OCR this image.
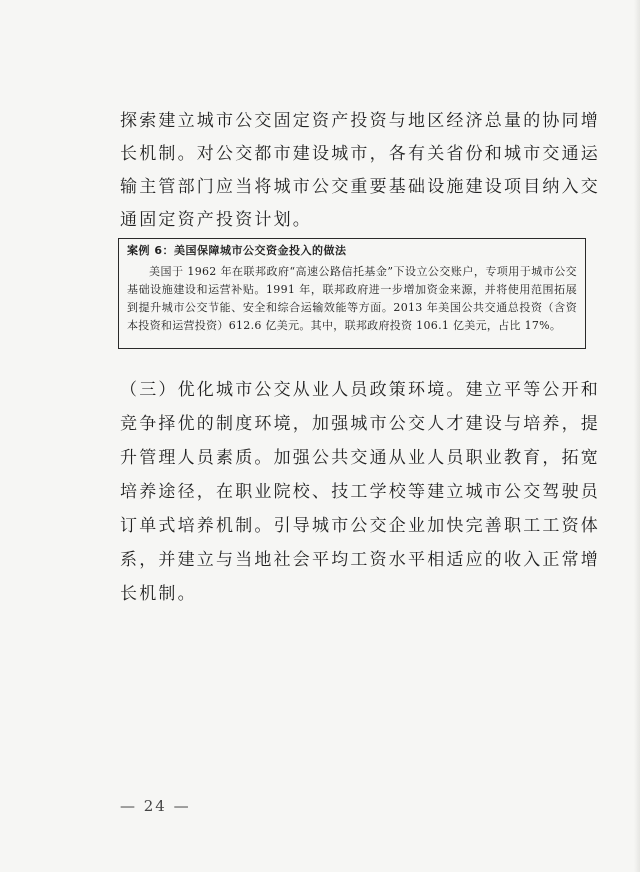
探索建立城市公交固定资产投资与地区经济总量的协同增长机制。对公交都市建设城市，各有关省份和城市交通运输主管部门应当将城市公交重要基础设施建设项目纳入交通固定资产投资计划。

案例 6：美国保障城市公交资金投入的做法

美国于 1962 年在联邦政府“高速公路信托基金”下设立公交账户，专项用于城市公交基础设施建设和运营补贴。1991 年，联邦政府进一步增加资金来源，并将使用范围拓展到提升城市公交节能、安全和综合运输效能等方面。2013 年美国公共交通总投资（含资本投资和运营投资）612.6 亿美元。其中，联邦政府投资 106.1 亿美元，占比 17%。

（三）优化城市公交从业人员政策环境。建立平等公开和竞争择优的制度环境，加强城市公交人才建设与培养，提升管理人员素质。加强公共交通从业人员职业教育，拓宽培养途径，在职业院校、技工学校等建立城市公交驾驶员订单式培养机制。引导城市公交企业加快完善职工工资体系，并建立与当地社会平均工资水平相适应的收入正常增长机制。

— 24 —
